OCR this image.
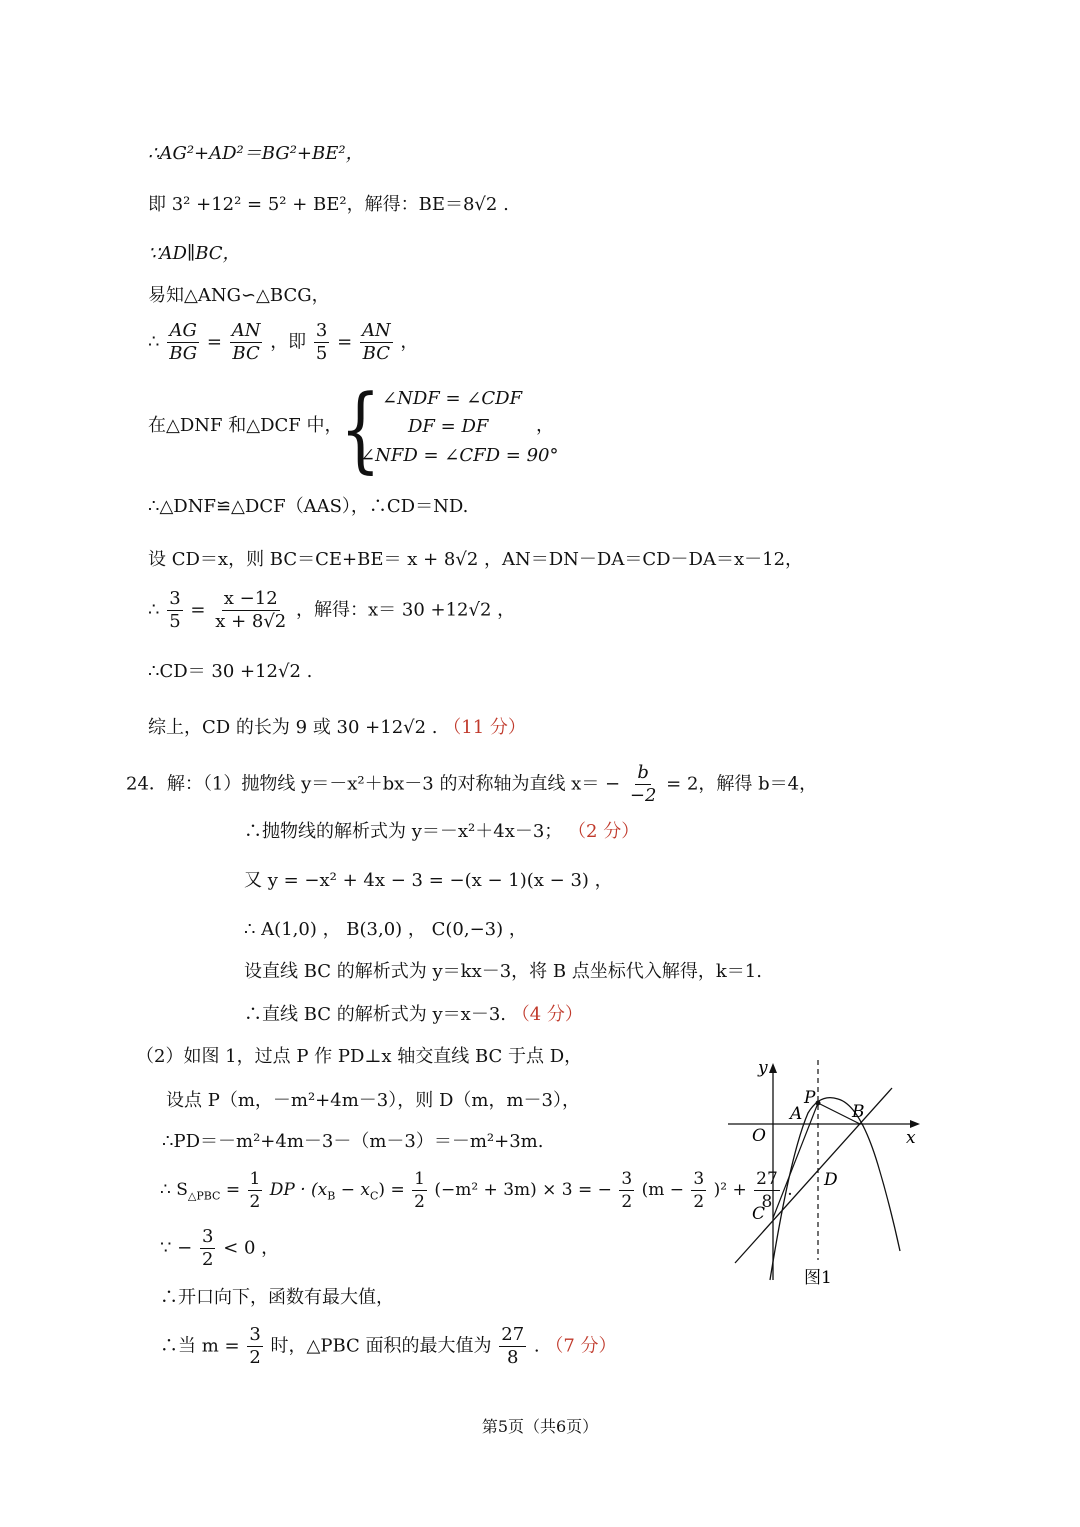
∴AG²+AD²＝BG²+BE²，
即 3² +12² = 5² + BE²，解得：BE＝8√2 .
∵AD∥BC，
易知△ANG∽△BCG，
∴ $\frac{AG}{BG} = \frac{AN}{BC}$ ，即 $\frac{3}{5} = \frac{AN}{BC}$ ，
在△DNF 和△DCF 中，
{ ∠NDF = ∠CDF
DF = DF
∠NFD = ∠CFD = 90°
，
∴△DNF≌△DCF（AAS），∴CD＝ND.
设 CD＝x，则 BC＝CE+BE＝ x + 8√2 ，AN＝DN－DA＝CD－DA＝x－12，
∴ $\frac{3}{5} = \frac{x -12}{x + 8√2}$ ，解得：x＝ 30 +12√2 ，
∴CD＝ 30 +12√2 .
综上，CD 的长为 9 或 30 +12√2 . （11 分）
24．解：（1）抛物线 y＝－x²＋bx－3 的对称轴为直线 $x= - \frac{b}{-2} = 2$，解得 b＝4，
∴抛物线的解析式为 y＝－x²＋4x－3； （2 分）
又 y = −x² + 4x − 3 = −(x − 1)(x − 3) ，
∴ A(1,0) ， B(3,0) ， C(0,−3) ，
设直线 BC 的解析式为 y＝kx－3，将 B 点坐标代入解得，k＝1.
∴直线 BC 的解析式为 y＝x－3. （4 分）
（2）如图 1，过点 P 作 PD⊥x 轴交直线 BC 于点 D，
设点 P（m，－m²+4m－3），则 D（m，m－3），
∴PD＝－m²+4m－3－（m－3）＝－m²+3m.
∴ $S_{\triangle PBC} = \frac{1}{2}$ DP · $(x_B - x_C) = \frac{1}{2} (-m^2 + 3m) \times 3$ = − $\frac{3}{2} (m - \frac{3}{2} )^2 + \frac{27}{8}$ .
∵ − $\frac{3}{2} < 0$ ，
∴开口向下，函数有最大值，
∴当 $m = \frac{3}{2}$ 时，△PBC 面积的最大值为 $\frac{27}{8}$ . （7 分）
y
x
O
P
A	B
C
D
图1
第5页（共6页）
